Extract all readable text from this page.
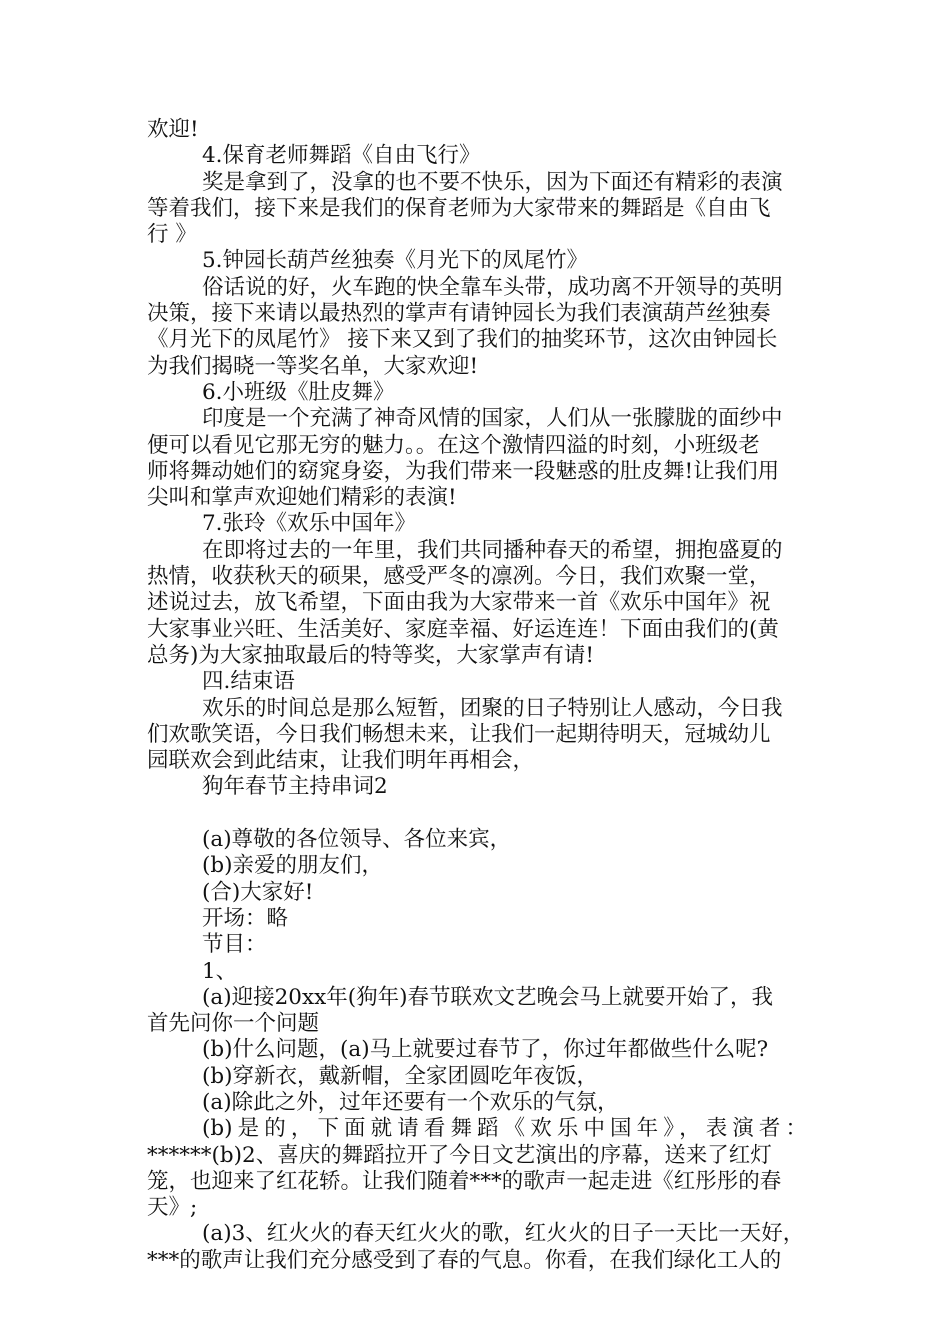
欢迎!
4.保育老师舞蹈《自由飞行》
奖是拿到了，没拿的也不要不快乐，因为下面还有精彩的表演
等着我们，接下来是我们的保育老师为大家带来的舞蹈是《自由飞
行 》
5.钟园长葫芦丝独奏《月光下的凤尾竹》
俗话说的好，火车跑的快全靠车头带，成功离不开领导的英明
决策，接下来请以最热烈的掌声有请钟园长为我们表演葫芦丝独奏
《月光下的凤尾竹》 接下来又到了我们的抽奖环节，这次由钟园长
为我们揭晓一等奖名单，大家欢迎!
6.小班级《肚皮舞》
印度是一个充满了神奇风情的国家，人们从一张朦胧的面纱中
便可以看见它那无穷的魅力。。在这个激情四溢的时刻，小班级老
师将舞动她们的窈窕身姿，为我们带来一段魅惑的肚皮舞!让我们用
尖叫和掌声欢迎她们精彩的表演!
7.张玲《欢乐中国年》
在即将过去的一年里，我们共同播种春天的希望，拥抱盛夏的
热情，收获秋天的硕果，感受严冬的凛冽。今日，我们欢聚一堂，
述说过去，放飞希望，下面由我为大家带来一首《欢乐中国年》祝
大家事业兴旺、生活美好、家庭幸福、好运连连！下面由我们的(黄
总务)为大家抽取最后的特等奖，大家掌声有请!
四.结束语
欢乐的时间总是那么短暂，团聚的日子特别让人感动，今日我
们欢歌笑语，今日我们畅想未来，让我们一起期待明天，冠城幼儿
园联欢会到此结束，让我们明年再相会，
狗年春节主持串词2
(a)尊敬的各位领导、各位来宾，
(b)亲爱的朋友们，
(合)大家好!
开场：略
节目：
1、
(a)迎接20xx年(狗年)春节联欢文艺晚会马上就要开始了，我
首先问你一个问题
(b)什么问题，(a)马上就要过春节了，你过年都做些什么呢?
(b)穿新衣，戴新帽，全家团圆吃年夜饭，
(a)除此之外，过年还要有一个欢乐的气氛，
(b)是的，下面就请看舞蹈《欢乐中国年》，表演者：
******(b)2、喜庆的舞蹈拉开了今日文艺演出的序幕，送来了红灯
笼，也迎来了红花轿。让我们随着***的歌声一起走进《红彤彤的春
天》;
(a)3、红火火的春天红火火的歌，红火火的日子一天比一天好，
***的歌声让我们充分感受到了春的气息。你看，在我们绿化工人的
